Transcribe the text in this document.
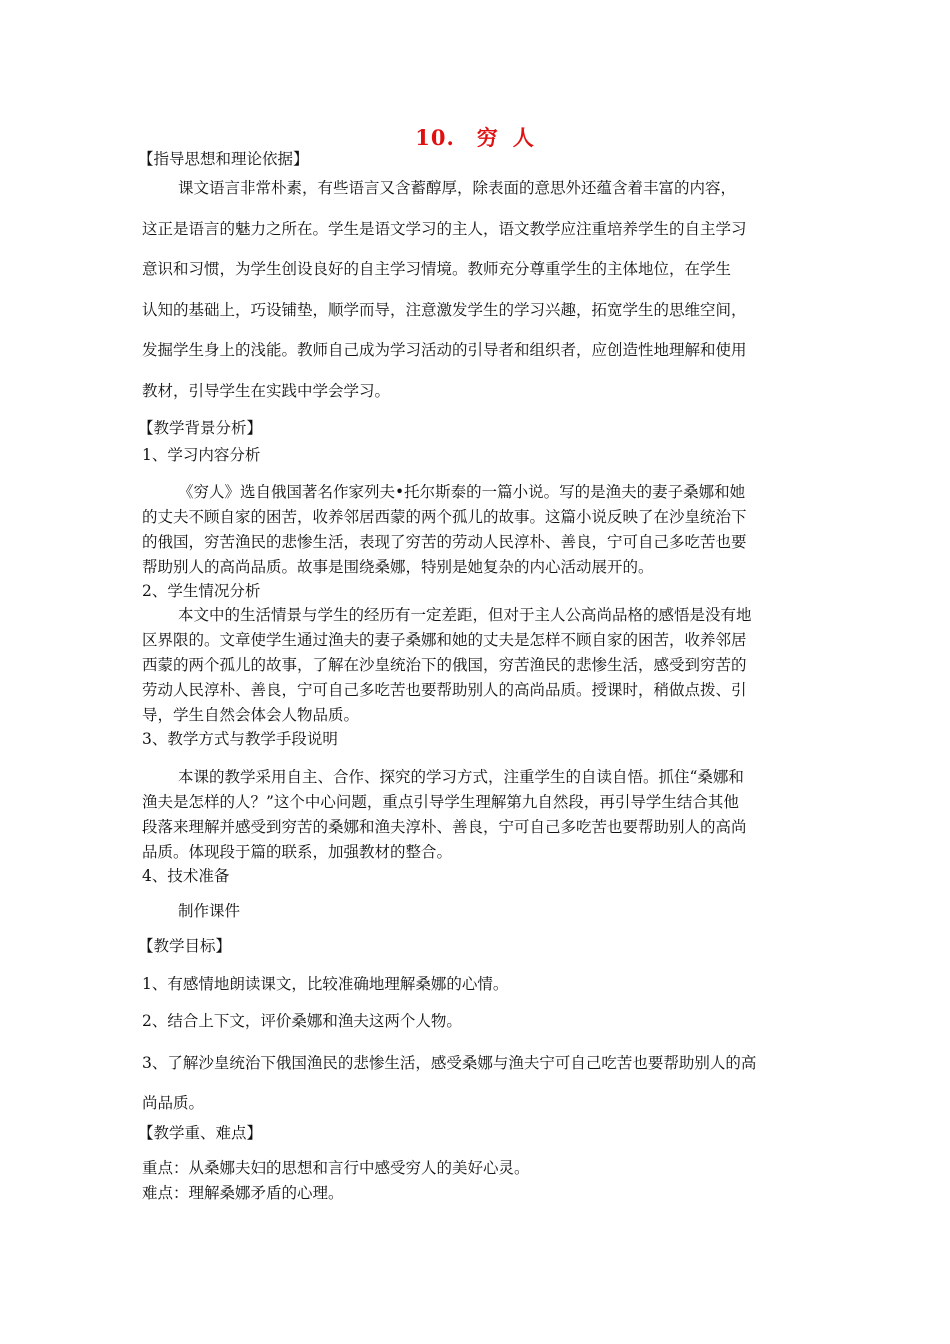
10. 穷 人
【指导思想和理论依据】
课文语言非常朴素，有些语言又含蓄醇厚，除表面的意思外还蕴含着丰富的内容，
这正是语言的魅力之所在。学生是语文学习的主人，语文教学应注重培养学生的自主学习
意识和习惯，为学生创设良好的自主学习情境。教师充分尊重学生的主体地位，在学生
认知的基础上，巧设铺垫，顺学而导，注意激发学生的学习兴趣，拓宽学生的思维空间，
发掘学生身上的浅能。教师自己成为学习活动的引导者和组织者，应创造性地理解和使用
教材，引导学生在实践中学会学习。
【教学背景分析】
1、学习内容分析
《穷人》选自俄国著名作家列夫•托尔斯泰的一篇小说。写的是渔夫的妻子桑娜和她
的丈夫不顾自家的困苦，收养邻居西蒙的两个孤儿的故事。这篇小说反映了在沙皇统治下
的俄国，穷苦渔民的悲惨生活，表现了穷苦的劳动人民淳朴、善良，宁可自己多吃苦也要
帮助别人的高尚品质。故事是围绕桑娜，特别是她复杂的内心活动展开的。
2、学生情况分析
本文中的生活情景与学生的经历有一定差距，但对于主人公高尚品格的感悟是没有地
区界限的。文章使学生通过渔夫的妻子桑娜和她的丈夫是怎样不顾自家的困苦，收养邻居
西蒙的两个孤儿的故事，了解在沙皇统治下的俄国，穷苦渔民的悲惨生活，感受到穷苦的
劳动人民淳朴、善良，宁可自己多吃苦也要帮助别人的高尚品质。授课时，稍做点拨、引
导，学生自然会体会人物品质。
3、教学方式与教学手段说明
本课的教学采用自主、合作、探究的学习方式，注重学生的自读自悟。抓住“桑娜和
渔夫是怎样的人？”这个中心问题，重点引导学生理解第九自然段，再引导学生结合其他
段落来理解并感受到穷苦的桑娜和渔夫淳朴、善良，宁可自己多吃苦也要帮助别人的高尚
品质。体现段于篇的联系，加强教材的整合。
4、技术准备
制作课件
【教学目标】
1、有感情地朗读课文，比较准确地理解桑娜的心情。
2、结合上下文，评价桑娜和渔夫这两个人物。
3、了解沙皇统治下俄国渔民的悲惨生活，感受桑娜与渔夫宁可自己吃苦也要帮助别人的高
尚品质。
【教学重、难点】
重点：从桑娜夫妇的思想和言行中感受穷人的美好心灵。
难点：理解桑娜矛盾的心理。
